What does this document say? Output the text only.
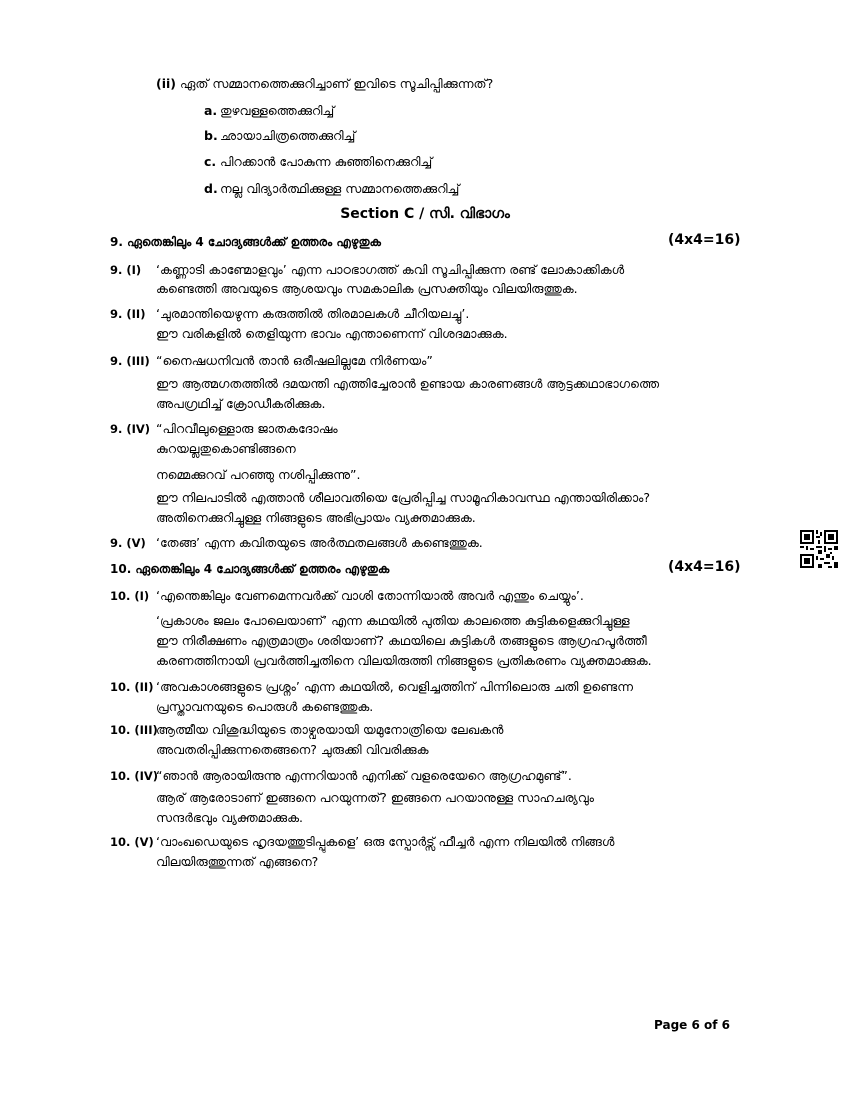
(ii) ഏത് സമ്മാനത്തെക്കുറിച്ചാണ് ഇവിടെ സൂചിപ്പിക്കുന്നത്?
a. തുഴവള്ളത്തെക്കുറിച്ച്
b. ഛായാചിത്രത്തെക്കുറിച്ച്
c. പിറക്കാൻ പോകുന്ന കുഞ്ഞിനെക്കുറിച്ച്
d. നല്ല വിദ്യാർത്ഥിക്കുള്ള സമ്മാനത്തെക്കുറിച്ച്
Section C / സി. വിഭാഗം
9. ഏതെങ്കിലും 4 ചോദ്യങ്ങൾക്ക് ഉത്തരം എഴുതുക	(4x4=16)
9. (I) ‘കണ്ണാടി കാണ്മോളവും’ എന്ന പാഠഭാഗത്ത് കവി സൂചിപ്പിക്കുന്ന രണ്ട് ലോകാക്കികൾ
കണ്ടെത്തി അവയുടെ ആശയവും സമകാലിക പ്രസക്തിയും വിലയിരുത്തുക.
9. (II) ‘ചുരമാന്തിയെഴുന്ന കരുത്തിൽ തിരമാലകൾ ചീറിയലച്ചു’.
ഈ വരികളിൽ തെളിയുന്ന ഭാവം എന്താണെന്ന് വിശദമാക്കുക.
9. (III) “നൈഷധനിവൻ താൻ ഒരീഷലില്ലമേ നിർണയം”
ഈ ആത്മഗതത്തിൽ ദമയന്തി എത്തിച്ചേരാൻ ഉണ്ടായ കാരണങ്ങൾ ആട്ടക്കഥാഭാഗത്തെ
അപഗ്രഥിച്ച് ക്രോഡീകരിക്കുക.
9. (IV) “പിറവീലുള്ളൊരു ജാതകദോഷം
കുറയല്ലതുകൊണ്ടിങ്ങനെ
നമ്മെക്കുറവ് പറഞ്ഞു നശിപ്പിക്കുന്നു”.
ഈ നിലപാടിൽ എത്താൻ ശീലാവതിയെ പ്രേരിപ്പിച്ച സാമൂഹികാവസ്ഥ എന്തായിരിക്കാം?
അതിനെക്കുറിച്ചുള്ള നിങ്ങളുടെ അഭിപ്രായം വ്യക്തമാക്കുക.
9. (V) ‘തേങ്ങ’ എന്ന കവിതയുടെ അർത്ഥതലങ്ങൾ കണ്ടെത്തുക.
10. ഏതെങ്കിലും 4 ചോദ്യങ്ങൾക്ക് ഉത്തരം എഴുതുക	(4x4=16)
10. (I) ‘എന്തെങ്കിലും വേണമെന്നവർക്ക് വാശി തോന്നിയാൽ അവർ എന്തും ചെയ്യും’.
‘പ്രകാശം ജലം പോലെയാണ്’ എന്ന കഥയിൽ പുതിയ കാലത്തെ കുട്ടികളെക്കുറിച്ചുള്ള
ഈ നിരീക്ഷണം എത്രമാത്രം ശരിയാണ്? കഥയിലെ കുട്ടികൾ തങ്ങളുടെ ആഗ്രഹപൂർത്തീ
കരണത്തിനായി പ്രവർത്തിച്ചതിനെ വിലയിരുത്തി നിങ്ങളുടെ പ്രതികരണം വ്യക്തമാക്കുക.
10. (II) ‘അവകാശങ്ങളുടെ പ്രശ്നം’ എന്ന കഥയിൽ, വെളിച്ചത്തിന് പിന്നിലൊരു ചതി ഉണ്ടെന്ന
പ്രസ്താവനയുടെ പൊരുൾ കണ്ടെത്തുക.
10. (III)
ആത്മീയ വിശുദ്ധിയുടെ താഴ്വരയായി യമുനോത്രിയെ ലേഖകൻ
അവതരിപ്പിക്കുന്നതെങ്ങനെ? ചുരുക്കി വിവരിക്കുക
10. (IV)
“ഞാൻ ആരായിരുന്നു എന്നറിയാൻ എനിക്ക് വളരെയേറെ ആഗ്രഹമുണ്ട്”.
ആര് ആരോടാണ് ഇങ്ങനെ പറയുന്നത്? ഇങ്ങനെ പറയാനുള്ള സാഹചര്യവും
സന്ദർഭവും വ്യക്തമാക്കുക.
10. (V) ‘വാംഖഡെയുടെ ഹൃദയത്തുടിപ്പുകളെ’ ഒരു സ്പോർട്സ് ഫീച്ചർ എന്ന നിലയിൽ നിങ്ങൾ
വിലയിരുത്തുന്നത് എങ്ങനെ?
Page 6 of 6
